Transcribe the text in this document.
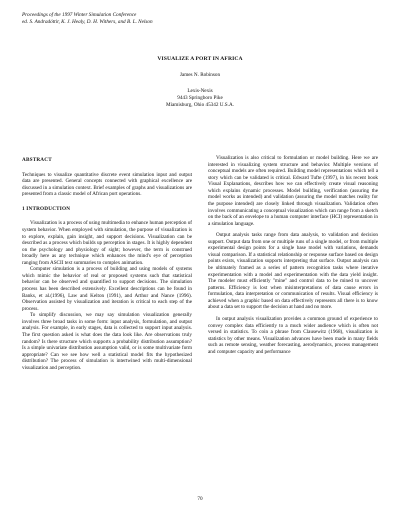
Proceedings of the 1997 Winter Simulation Conference
ed. S. Andradóttir, K. J. Healy, D. H. Withers, and B. L. Nelson
VISUALIZE A PORT IN AFRICA
James N. Robinson
Lexis-Nexis
9443 Springboro Pike
Miamisburg, Ohio 45342 U.S.A.
ABSTRACT

Techniques to visualize quantitative discrete event simulation input and output data are presented. General concepts connected with graphical excellence are discussed in a simulation context. Brief examples of graphs and visualizations are presented from a classic model of African port operations.

1 INTRODUCTION

Visualization is a process of using multimedia to enhance human perception of system behavior. When employed with simulation, the purpose of visualization is to explore, explain, gain insight, and support decisions. Visualization can be described as a process which builds up perception in stages. It is highly dependent on the psychology and physiology of sight; however, the term is construed broadly here as any technique which enhances the mind's eye of perception ranging from ASCII text summaries to complex animation.

Computer simulation is a process of building and using models of systems which mimic the behavior of real or proposed systems such that statistical behavior can be observed and quantified to support decisions. The simulation process has been described extensively. Excellent descriptions can be found in Banks, et al.(1996), Law and Kelton (1991), and Arthur and Nance (1996). Observation assisted by visualization and iteration is critical to each step of the process.

To simplify discussion, we may say simulation visualization generally involves three broad tasks in some form: input analysis, formulation, and output analysis. For example, in early stages, data is collected to support input analysis. The first question asked is what does the data look like. Are observations truly random? Is there structure which supports a probability distribution assumption? Is a simple univariate distribution assumption valid, or is some multivariate form appropriate? Can we see how well a statistical model fits the hypothesized distribution? The process of simulation is intertwined with multi-dimensional visualization and perception.

Visualization is also critical to formulation or model building. Here we are interested in visualizing system structure and behavior. Multiple versions of conceptual models are often required. Building model representations which tell a story which can be validated is critical. Edward Tufte (1997), in his recent book Visual Explanations, describes how we can effectively create visual reasoning which explains dynamic processes. Model building, verification (assuring the model works as intended) and validation (assuring the model matches reality for the purpose intended) are closely linked through visualization. Validation often involves communicating a conceptual visualization which can range from a sketch on the back of an envelope to a human computer interface (HCI) representation in a simulation language.

Output analysis tasks range from data analysis, to validation and decision support. Output data from one or multiple runs of a single model, or from multiple experimental design points for a single base model with variations, demands visual comparison. If a statistical relationship or response surface based on design points exists, visualization supports interpreting that surface. Output analysis can be ultimately framed as a series of pattern recognition tasks where iterative experimentation with a model and experimentation with the data yield insight. The modeler must efficiently "mine" and control data to be mined to uncover patterns. Efficiency is lost when misinterpretations of data cause errors in formulation, data interpretation or communication of results. Visual efficiency is achieved when a graphic based on data effectively represents all there is to know about a data set to support the decision at hand and no more.

In output analysis visualization provides a common ground of experience to convey complex data efficiently to a much wider audience which is often not versed in statistics. To coin a phrase from Clausewitz (1968), visualization is statistics by other means. Visualization advances have been made in many fields such as remote sensing, weather forecasting, aerodynamics, process management and computer capacity and performance

70
